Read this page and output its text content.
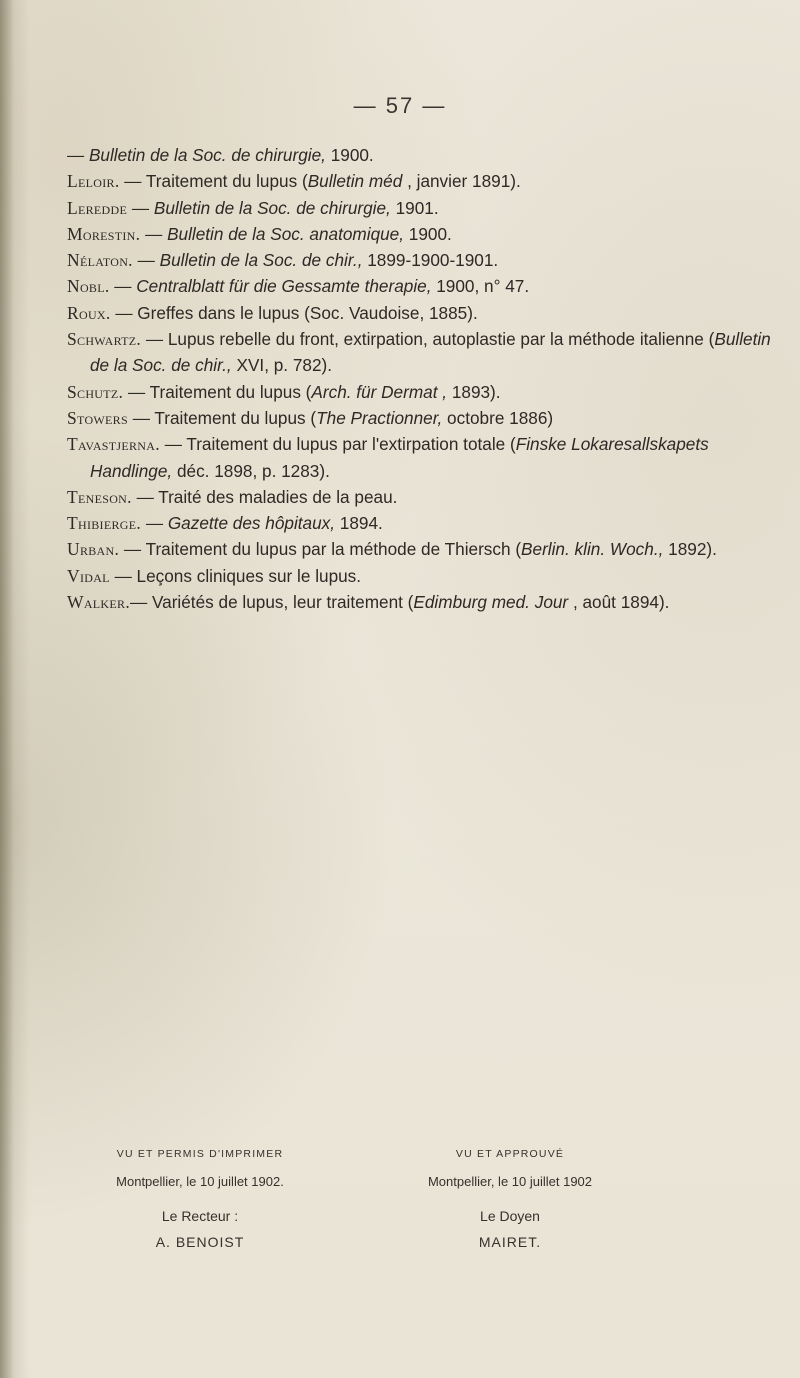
— 57 —
— Bulletin de la Soc. de chirurgie, 1900.
Leloir. — Traitement du lupus (Bulletin méd , janvier 1891).
Leredde — Bulletin de la Soc. de chirurgie, 1901.
Morestin. — Bulletin de la Soc. anatomique, 1900.
Nélaton. — Bulletin de la Soc. de chir., 1899-1900-1901.
Nobl. — Centralblatt für die Gessamte therapie, 1900, n° 47.
Roux. — Greffes dans le lupus (Soc. Vaudoise, 1885).
Schwartz. — Lupus rebelle du front, extirpation, autoplastie par la méthode italienne (Bulletin de la Soc. de chir., XVI, p. 782).
Schutz. — Traitement du lupus (Arch. für Dermat , 1893).
Stowers — Traitement du lupus (The Practionner, octobre 1886)
Tavastjerna. — Traitement du lupus par l'extirpation totale (Finske Lokaresallskapets Handlinge, déc. 1898, p. 1283).
Teneson. — Traité des maladies de la peau.
Thibierge. — Gazette des hôpitaux, 1894.
Urban. — Traitement du lupus par la méthode de Thiersch (Berlin. klin. Woch., 1892).
Vidal — Leçons cliniques sur le lupus.
Walker.— Variétés de lupus, leur traitement (Edimburg med. Jour , août 1894).
VU ET PERMIS D'IMPRIMER
Montpellier, le 10 juillet 1902.
Le Recteur :
A. BENOIST
VU ET APPROUVÉ
Montpellier, le 10 juillet 1902
Le Doyen
MAIRET.
